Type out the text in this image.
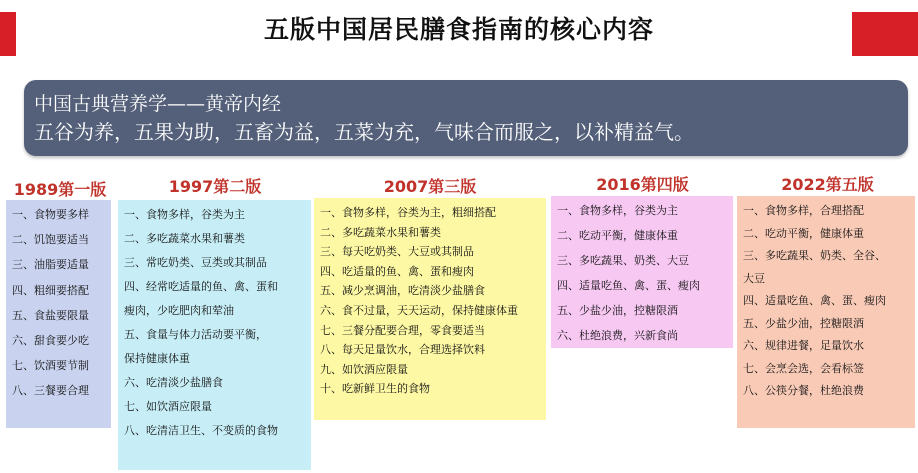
五版中国居民膳食指南的核心内容
中国古典营养学——黄帝内经
五谷为养，五果为助，五畜为益，五菜为充，气味合而服之，以补精益气。
1989第一版	1997第二版	2007第三版	2016第四版	2022第五版
一、食物要多样
二、饥饱要适当
三、油脂要适量
四、粗细要搭配
五、食盐要限量
六、甜食要少吃
七、饮酒要节制
八、三餐要合理
一、食物多样，谷类为主
二、多吃蔬菜水果和薯类
三、常吃奶类、豆类或其制品
四、经常吃适量的鱼、禽、蛋和
瘦肉，少吃肥肉和荤油
五、食量与体力活动要平衡，
保持健康体重
六、吃清淡少盐膳食
七、如饮酒应限量
八、吃清洁卫生、不变质的食物
一、食物多样，谷类为主，粗细搭配
二、多吃蔬菜水果和薯类
三、每天吃奶类、大豆或其制品
四、吃适量的鱼、禽、蛋和瘦肉
五、减少烹调油，吃清淡少盐膳食
六、食不过量，天天运动，保持健康体重
七、三餐分配要合理，零食要适当
八、每天足量饮水，合理选择饮料
九、如饮酒应限量
十、吃新鲜卫生的食物
一、食物多样，谷类为主
二、吃动平衡，健康体重
三、多吃蔬果、奶类、大豆
四、适量吃鱼、禽、蛋、瘦肉
五、少盐少油，控糖限酒
六、杜绝浪费，兴新食尚
一、食物多样，合理搭配
二、吃动平衡，健康体重
三、多吃蔬果、奶类、全谷、
大豆
四、适量吃鱼、禽、蛋、瘦肉
五、少盐少油，控糖限酒
六、规律进餐，足量饮水
七、会烹会选，会看标签
八、公筷分餐，杜绝浪费
